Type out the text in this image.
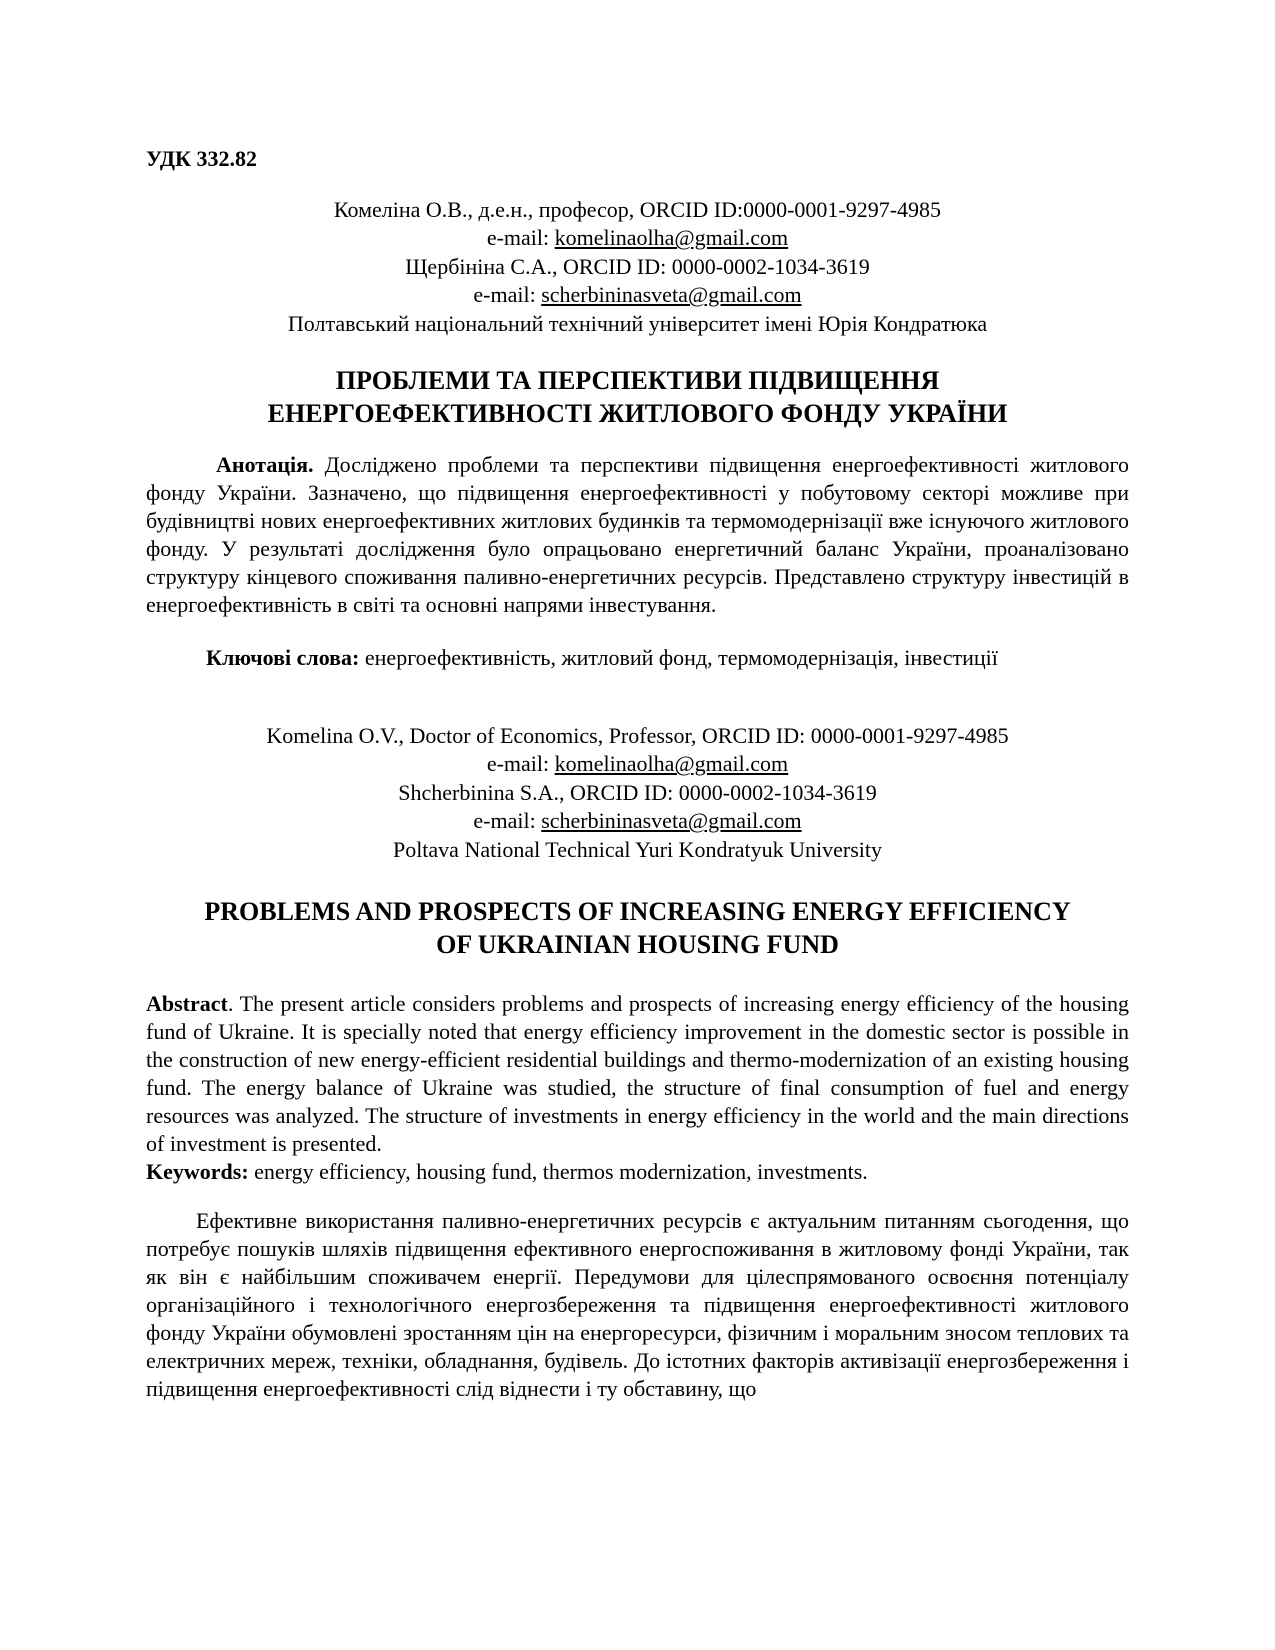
УДК 332.82
Комеліна О.В., д.е.н., професор, ORCID ID:0000-0001-9297-4985
e-mail: komelinaolha@gmail.com
Щербініна С.А., ORCID ID: 0000-0002-1034-3619
e-mail: scherbininasveta@gmail.com
Полтавський національний технічний університет імені Юрія Кондратюка
ПРОБЛЕМИ ТА ПЕРСПЕКТИВИ ПІДВИЩЕННЯ
ЕНЕРГОЕФЕКТИВНОСТІ ЖИТЛОВОГО ФОНДУ УКРАЇНИ
Анотація. Досліджено проблеми та перспективи підвищення енергоефективності житлового фонду України. Зазначено, що підвищення енергоефективності у побутовому секторі можливе при будівництві нових енергоефективних житлових будинків та термомодернізації вже існуючого житлового фонду. У результаті дослідження було опрацьовано енергетичний баланс України, проаналізовано структуру кінцевого споживання паливно-енергетичних ресурсів. Представлено структуру інвестицій в енергоефективність в світі та основні напрями інвестування.
Ключові слова: енергоефективність, житловий фонд, термомодернізація, інвестиції
Komelina O.V., Doctor of Economics, Professor, ORCID ID: 0000-0001-9297-4985
e-mail: komelinaolha@gmail.com
Shcherbinina S.A., ORCID ID: 0000-0002-1034-3619
e-mail: scherbininasveta@gmail.com
Poltava National Technical Yuri Kondratyuk University
PROBLEMS AND PROSPECTS OF INCREASING ENERGY EFFICIENCY
OF UKRAINIAN HOUSING FUND
Abstract. The present article considers problems and prospects of increasing energy efficiency of the housing fund of Ukraine. It is specially noted that energy efficiency improvement in the domestic sector is possible in the construction of new energy-efficient residential buildings and thermo-modernization of an existing housing fund. The energy balance of Ukraine was studied, the structure of final consumption of fuel and energy resources was analyzed. The structure of investments in energy efficiency in the world and the main directions of investment is presented.
Keywords: energy efficiency, housing fund, thermos modernization, investments.
Ефективне використання паливно-енергетичних ресурсів є актуальним питанням сьогодення, що потребує пошуків шляхів підвищення ефективного енергоспоживання в житловому фонді України, так як він є найбільшим споживачем енергії. Передумови для цілеспрямованого освоєння потенціалу організаційного і технологічного енергозбереження та підвищення енергоефективності житлового фонду України обумовлені зростанням цін на енергоресурси, фізичним і моральним зносом теплових та електричних мереж, техніки, обладнання, будівель. До істотних факторів активізації енергозбереження і підвищення енергоефективності слід віднести і ту обставину, що
